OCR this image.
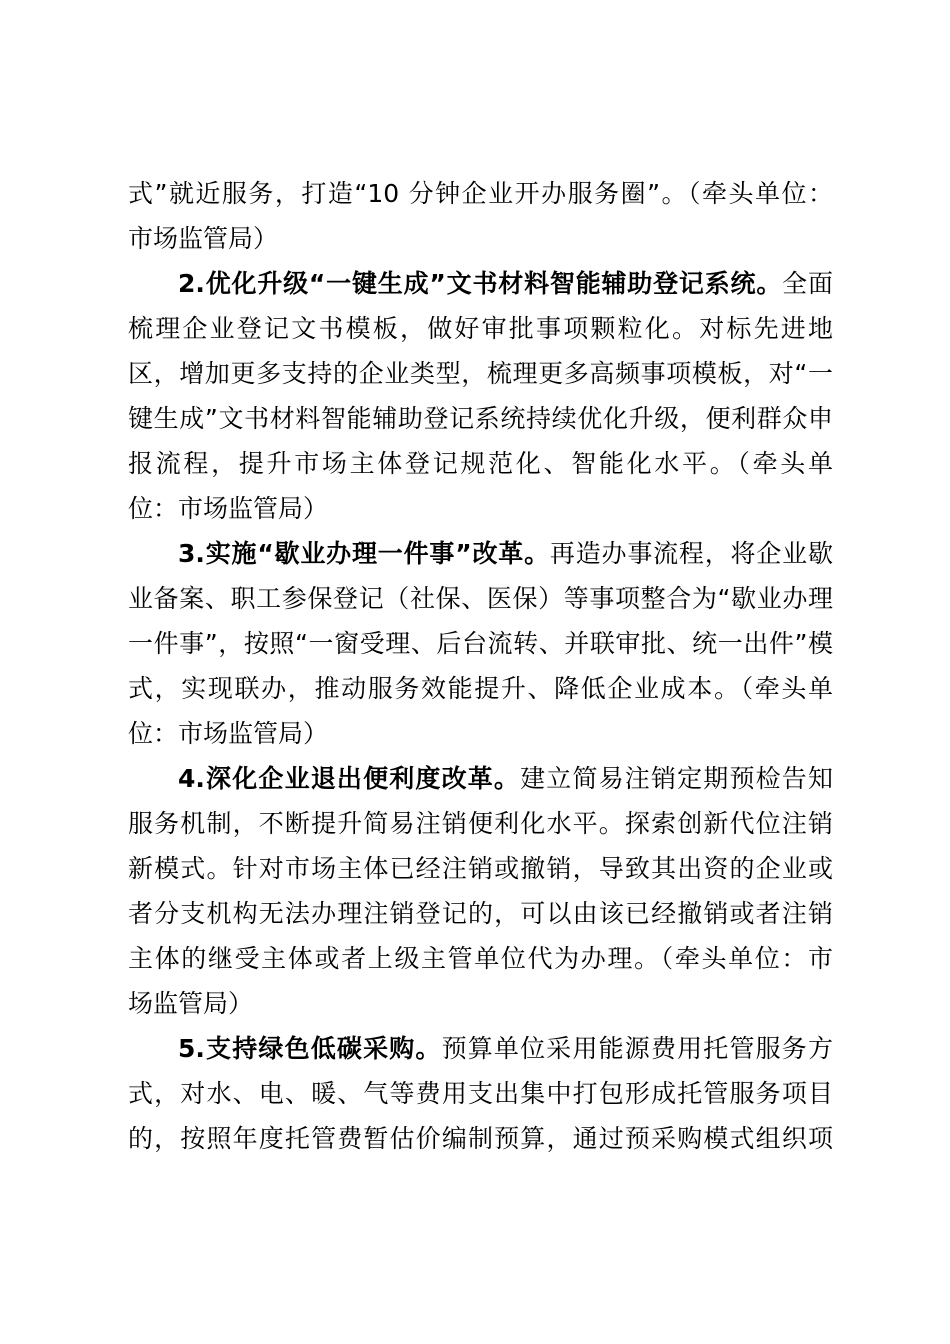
式”就近服务，打造“10 分钟企业开办服务圈”。（牵头单位：
市场监管局）
2.优化升级“一键生成”文书材料智能辅助登记系统。全面
梳理企业登记文书模板，做好审批事项颗粒化。对标先进地
区，增加更多支持的企业类型，梳理更多高频事项模板，对“一
键生成”文书材料智能辅助登记系统持续优化升级，便利群众申
报流程，提升市场主体登记规范化、智能化水平。（牵头单
位：市场监管局）
3.实施“歇业办理一件事”改革。再造办事流程，将企业歇
业备案、职工参保登记（社保、医保）等事项整合为“歇业办理
一件事”，按照“一窗受理、后台流转、并联审批、统一出件”模
式，实现联办，推动服务效能提升、降低企业成本。（牵头单
位：市场监管局）
4.深化企业退出便利度改革。建立简易注销定期预检告知
服务机制，不断提升简易注销便利化水平。探索创新代位注销
新模式。针对市场主体已经注销或撤销，导致其出资的企业或
者分支机构无法办理注销登记的，可以由该已经撤销或者注销
主体的继受主体或者上级主管单位代为办理。（牵头单位：市
场监管局）
5.支持绿色低碳采购。预算单位采用能源费用托管服务方
式，对水、电、暖、气等费用支出集中打包形成托管服务项目
的，按照年度托管费暂估价编制预算，通过预采购模式组织项
